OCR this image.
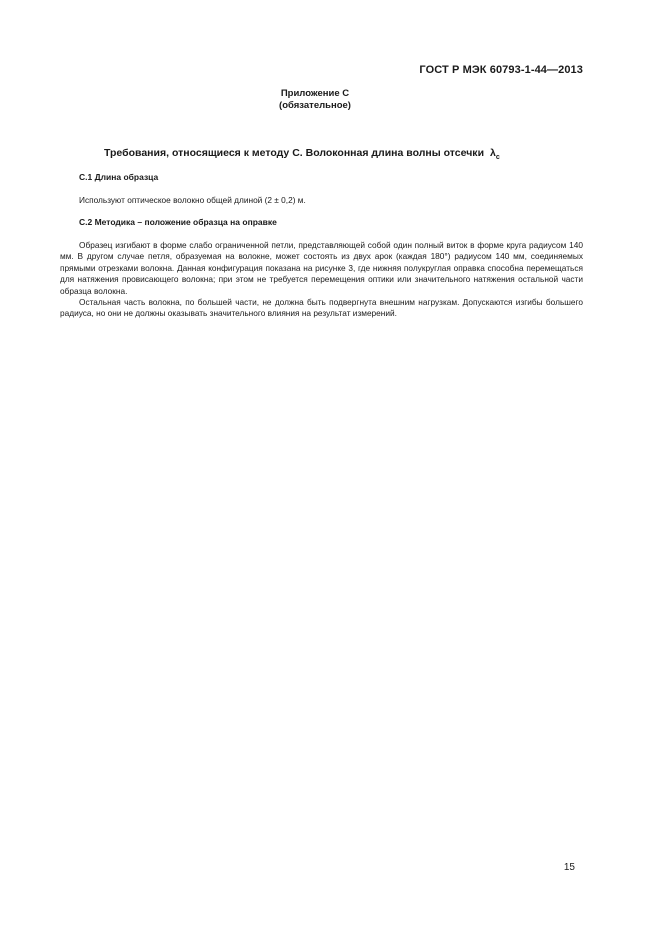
ГОСТ Р МЭК 60793-1-44—2013
Приложение С
(обязательное)
Требования, относящиеся к методу С. Волоконная длина волны отсечки $\lambda_c$
С.1 Длина образца
Используют оптическое волокно общей длиной (2 ± 0,2) м.
С.2 Методика – положение образца на оправке

Образец изгибают в форме слабо ограниченной петли, представляющей собой один полный виток в форме круга радиусом 140 мм. В другом случае петля, образуемая на волокне, может состоять из двух арок (каждая 180°) радиусом 140 мм, соединяемых прямыми отрезками волокна. Данная конфигурация показана на рисунке 3, где нижняя полукруглая оправка способна перемещаться для натяжения провисающего волокна; при этом не требуется перемещения оптики или значительного натяжения остальной части образца волокна.

Остальная часть волокна, по большей части, не должна быть подвергнута внешним нагрузкам. Допускаются изгибы большего радиуса, но они не должны оказывать значительного влияния на результат измерений.

15
